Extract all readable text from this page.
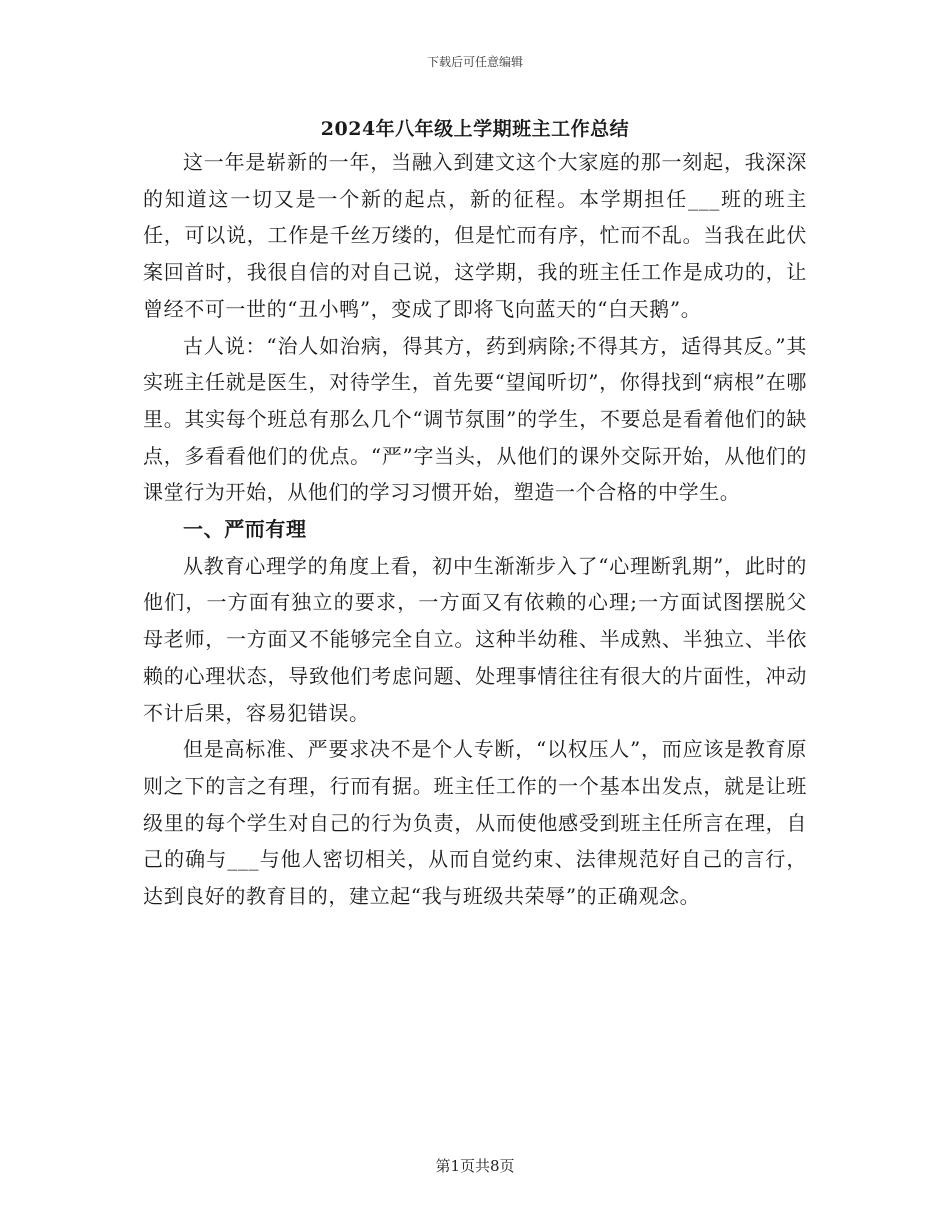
下载后可任意编辑
2024年八年级上学期班主工作总结

这一年是崭新的一年，当融入到建文这个大家庭的那一刻起，我深深的知道这一切又是一个新的起点，新的征程。本学期担任___班的班主任，可以说，工作是千丝万缕的，但是忙而有序，忙而不乱。当我在此伏案回首时，我很自信的对自己说，这学期，我的班主任工作是成功的，让曾经不可一世的“丑小鸭”，变成了即将飞向蓝天的“白天鹅”。

古人说：“治人如治病，得其方，药到病除;不得其方，适得其反。”其实班主任就是医生，对待学生，首先要“望闻听切”，你得找到“病根”在哪里。其实每个班总有那么几个“调节氛围”的学生，不要总是看着他们的缺点，多看看他们的优点。“严”字当头，从他们的课外交际开始，从他们的课堂行为开始，从他们的学习习惯开始，塑造一个合格的中学生。

一、严而有理

从教育心理学的角度上看，初中生渐渐步入了“心理断乳期”，此时的他们，一方面有独立的要求，一方面又有依赖的心理;一方面试图摆脱父母老师，一方面又不能够完全自立。这种半幼稚、半成熟、半独立、半依赖的心理状态，导致他们考虑问题、处理事情往往有很大的片面性，冲动不计后果，容易犯错误。

但是高标准、严要求决不是个人专断，“以权压人”，而应该是教育原则之下的言之有理，行而有据。班主任工作的一个基本出发点，就是让班级里的每个学生对自己的行为负责，从而使他感受到班主任所言在理，自己的确与___与他人密切相关，从而自觉约束、法律规范好自己的言行，达到良好的教育目的，建立起“我与班级共荣辱”的正确观念。

第1页共8页
